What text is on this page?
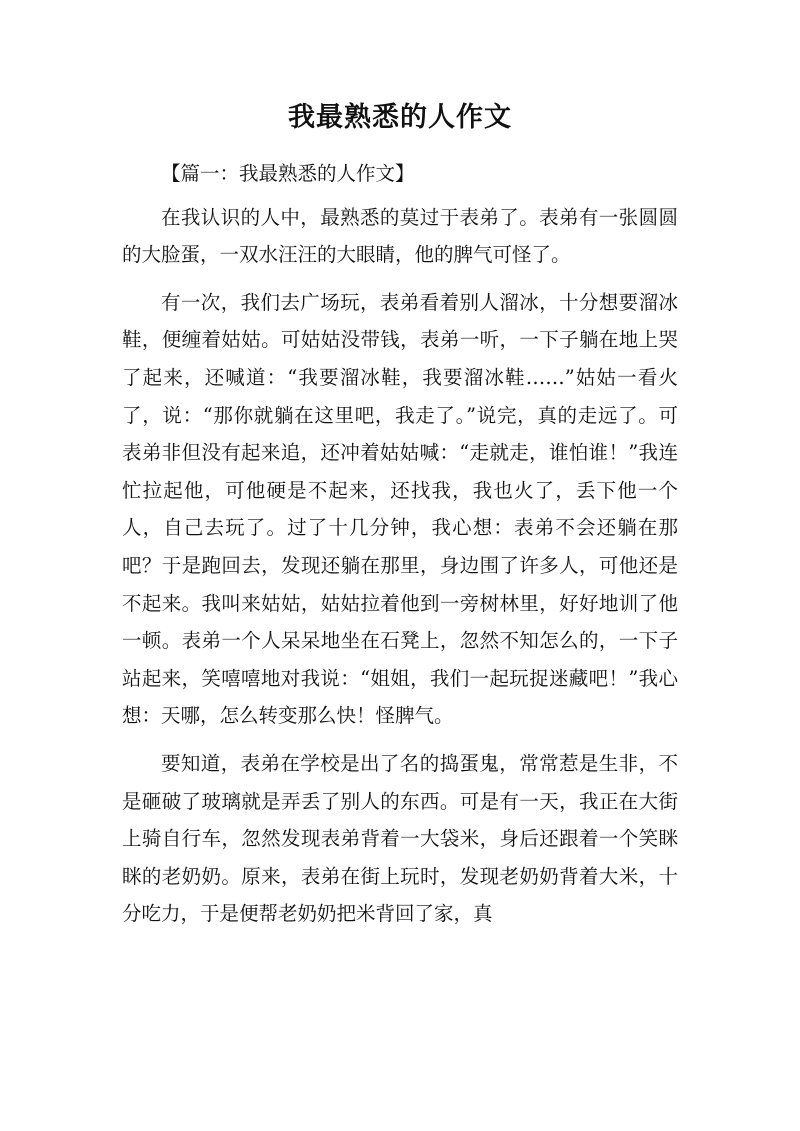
我最熟悉的人作文

【篇一：我最熟悉的人作文】

在我认识的人中，最熟悉的莫过于表弟了。表弟有一张圆圆的大脸蛋，一双水汪汪的大眼睛，他的脾气可怪了。

有一次，我们去广场玩，表弟看着别人溜冰，十分想要溜冰鞋，便缠着姑姑。可姑姑没带钱，表弟一听，一下子躺在地上哭了起来，还喊道：“我要溜冰鞋，我要溜冰鞋……”姑姑一看火了，说：“那你就躺在这里吧，我走了。”说完，真的走远了。可表弟非但没有起来追，还冲着姑姑喊：“走就走，谁怕谁！”我连忙拉起他，可他硬是不起来，还找我，我也火了，丢下他一个人，自己去玩了。过了十几分钟，我心想：表弟不会还躺在那吧？于是跑回去，发现还躺在那里，身边围了许多人，可他还是不起来。我叫来姑姑，姑姑拉着他到一旁树林里，好好地训了他一顿。表弟一个人呆呆地坐在石凳上，忽然不知怎么的，一下子站起来，笑嘻嘻地对我说：“姐姐，我们一起玩捉迷藏吧！”我心想：天哪，怎么转变那么快！怪脾气。

要知道，表弟在学校是出了名的捣蛋鬼，常常惹是生非，不是砸破了玻璃就是弄丢了别人的东西。可是有一天，我正在大街上骑自行车，忽然发现表弟背着一大袋米，身后还跟着一个笑眯眯的老奶奶。原来，表弟在街上玩时，发现老奶奶背着大米，十分吃力，于是便帮老奶奶把米背回了家，真
